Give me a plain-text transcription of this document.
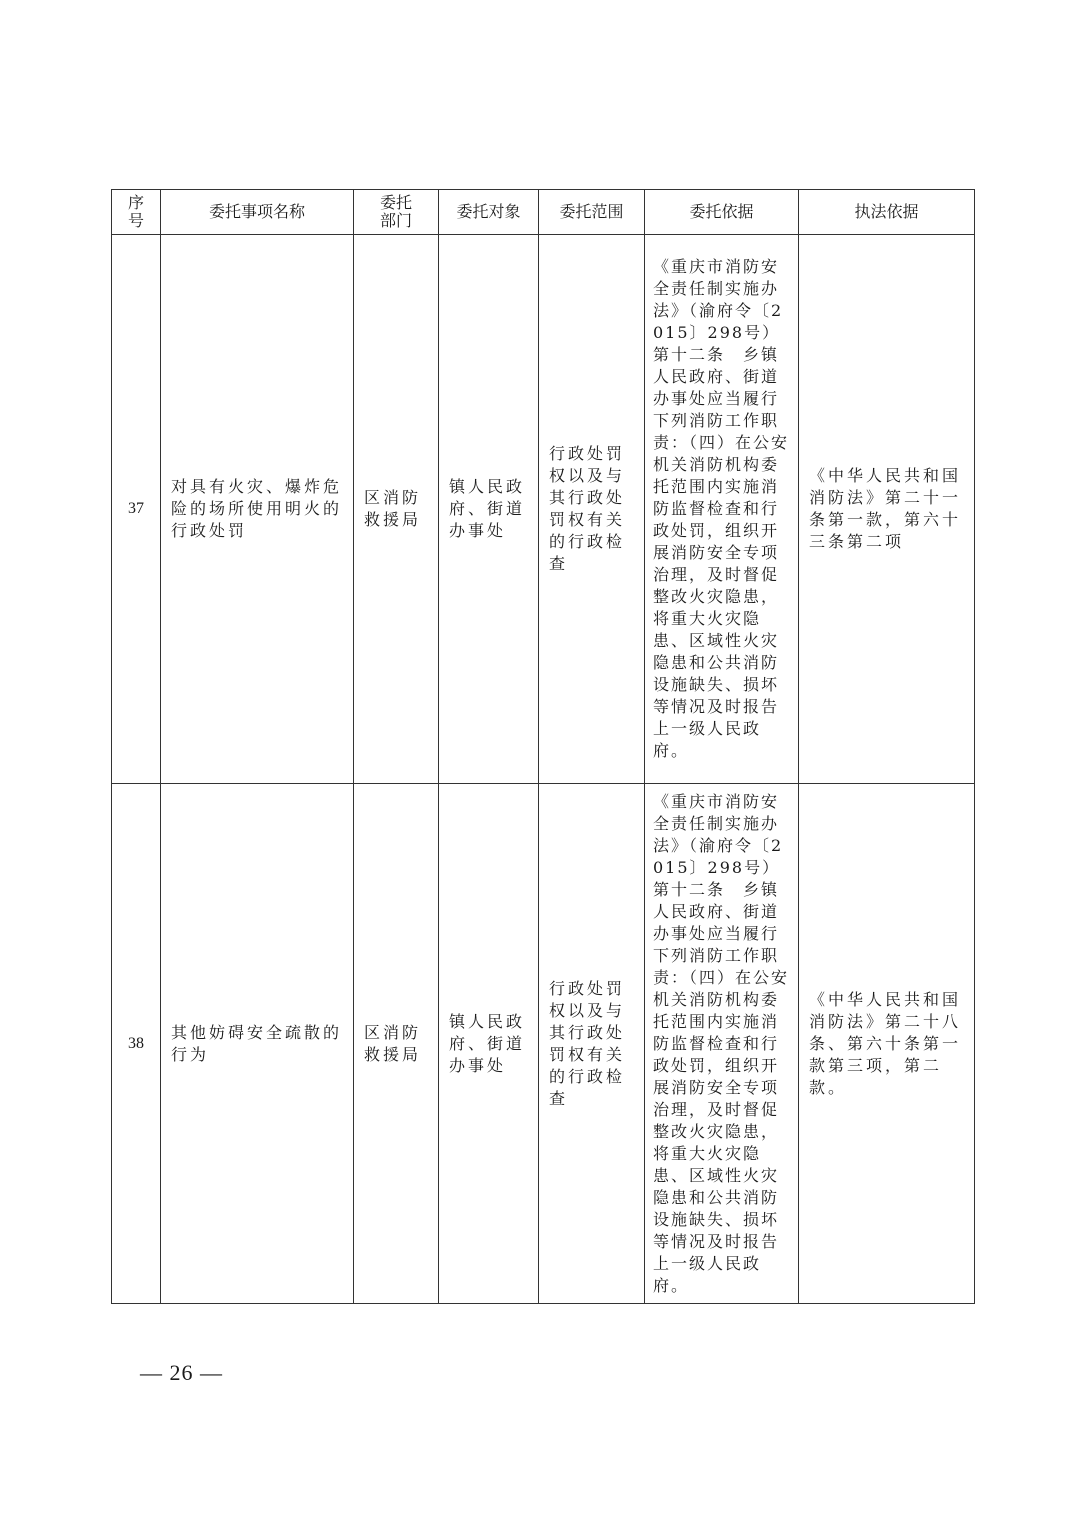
序号	委托事项名称	委托部门	委托对象	委托范围	委托依据	执法依据
37	对具有火灾、爆炸危险的场所使用明火的行政处罚	区消防救援局	镇人民政府、街道办事处	行政处罚权以及与其行政处罚权有关的行政检查	《重庆市消防安全责任制实施办法》（渝府令〔2015〕298号）第十二条　乡镇人民政府、街道办事处应当履行下列消防工作职责：（四）在公安机关消防机构委托范围内实施消防监督检查和行政处罚，组织开展消防安全专项治理，及时督促整改火灾隐患，将重大火灾隐患、区域性火灾隐患和公共消防设施缺失、损坏等情况及时报告上一级人民政府。	《中华人民共和国消防法》第二十一条第一款，第六十三条第二项
38	其他妨碍安全疏散的行为	区消防救援局	镇人民政府、街道办事处	行政处罚权以及与其行政处罚权有关的行政检查	《重庆市消防安全责任制实施办法》（渝府令〔2015〕298号）第十二条　乡镇人民政府、街道办事处应当履行下列消防工作职责：（四）在公安机关消防机构委托范围内实施消防监督检查和行政处罚，组织开展消防安全专项治理，及时督促整改火灾隐患，将重大火灾隐患、区域性火灾隐患和公共消防设施缺失、损坏等情况及时报告上一级人民政府。	《中华人民共和国消防法》第二十八条、第六十条第一款第三项，第二款。
— 26 —
